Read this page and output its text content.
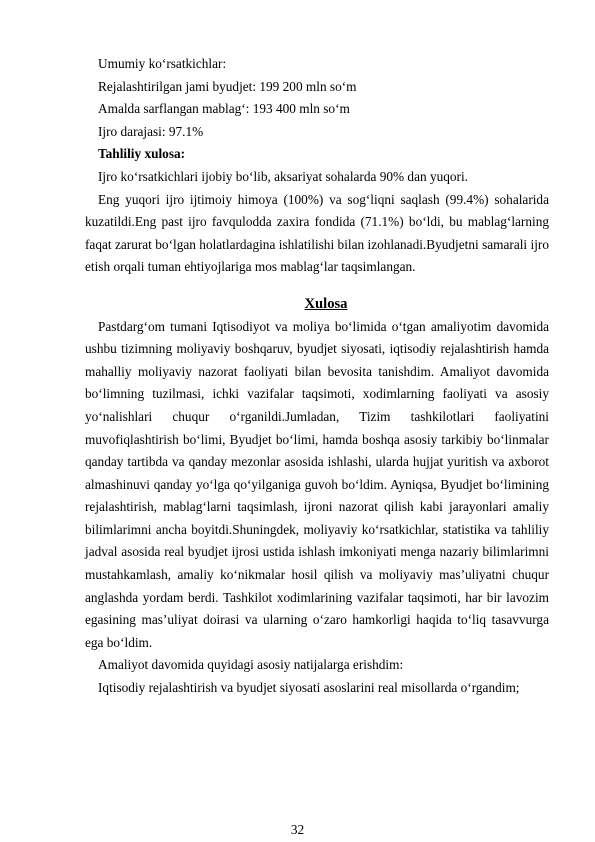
Umumiy ko‘rsatkichlar:

Rejalashtirilgan jami byudjet: 199 200 mln so‘m

Amalda sarflangan mablag‘: 193 400 mln so‘m

Ijro darajasi: 97.1%

Tahliliy xulosa:

Ijro ko‘rsatkichlari ijobiy bo‘lib, aksariyat sohalarda 90% dan yuqori.

Eng yuqori ijro ijtimoiy himoya (100%) va sog‘liqni saqlash (99.4%) sohalarida kuzatildi.Eng past ijro favqulodda zaxira fondida (71.1%) bo‘ldi, bu mablag‘larning faqat zarurat bo‘lgan holatlardagina ishlatilishi bilan izohlanadi.Byudjetni samarali ijro etish orqali tuman ehtiyojlariga mos mablag‘lar taqsimlangan.

Xulosa

Pastdarg‘om tumani Iqtisodiyot va moliya bo‘limida o‘tgan amaliyotim davomida ushbu tizimning moliyaviy boshqaruv, byudjet siyosati, iqtisodiy rejalashtirish hamda mahalliy moliyaviy nazorat faoliyati bilan bevosita tanishdim. Amaliyot davomida bo‘limning tuzilmasi, ichki vazifalar taqsimoti, xodimlarning faoliyati va asosiy yo‘nalishlari chuqur o‘rganildi.Jumladan, Tizim tashkilotlari faoliyatini muvofiqlashtirish bo‘limi, Byudjet bo‘limi, hamda boshqa asosiy tarkibiy bo‘linmalar qanday tartibda va qanday mezonlar asosida ishlashi, ularda hujjat yuritish va axborot almashinuvi qanday yo‘lga qo‘yilganiga guvoh bo‘ldim. Ayniqsa, Byudjet bo‘limining rejalashtirish, mablag‘larni taqsimlash, ijroni nazorat qilish kabi jarayonlari amaliy bilimlarimni ancha boyitdi.Shuningdek, moliyaviy ko‘rsatkichlar, statistika va tahliliy jadval asosida real byudjet ijrosi ustida ishlash imkoniyati menga nazariy bilimlarimni mustahkamlash, amaliy ko‘nikmalar hosil qilish va moliyaviy mas’uliyatni chuqur anglashda yordam berdi. Tashkilot xodimlarining vazifalar taqsimoti, har bir lavozim egasining mas’uliyat doirasi va ularning o‘zaro hamkorligi haqida to‘liq tasavvurga ega bo‘ldim.

Amaliyot davomida quyidagi asosiy natijalarga erishdim:

Iqtisodiy rejalashtirish va byudjet siyosati asoslarini real misollarda o‘rgandim;

32
